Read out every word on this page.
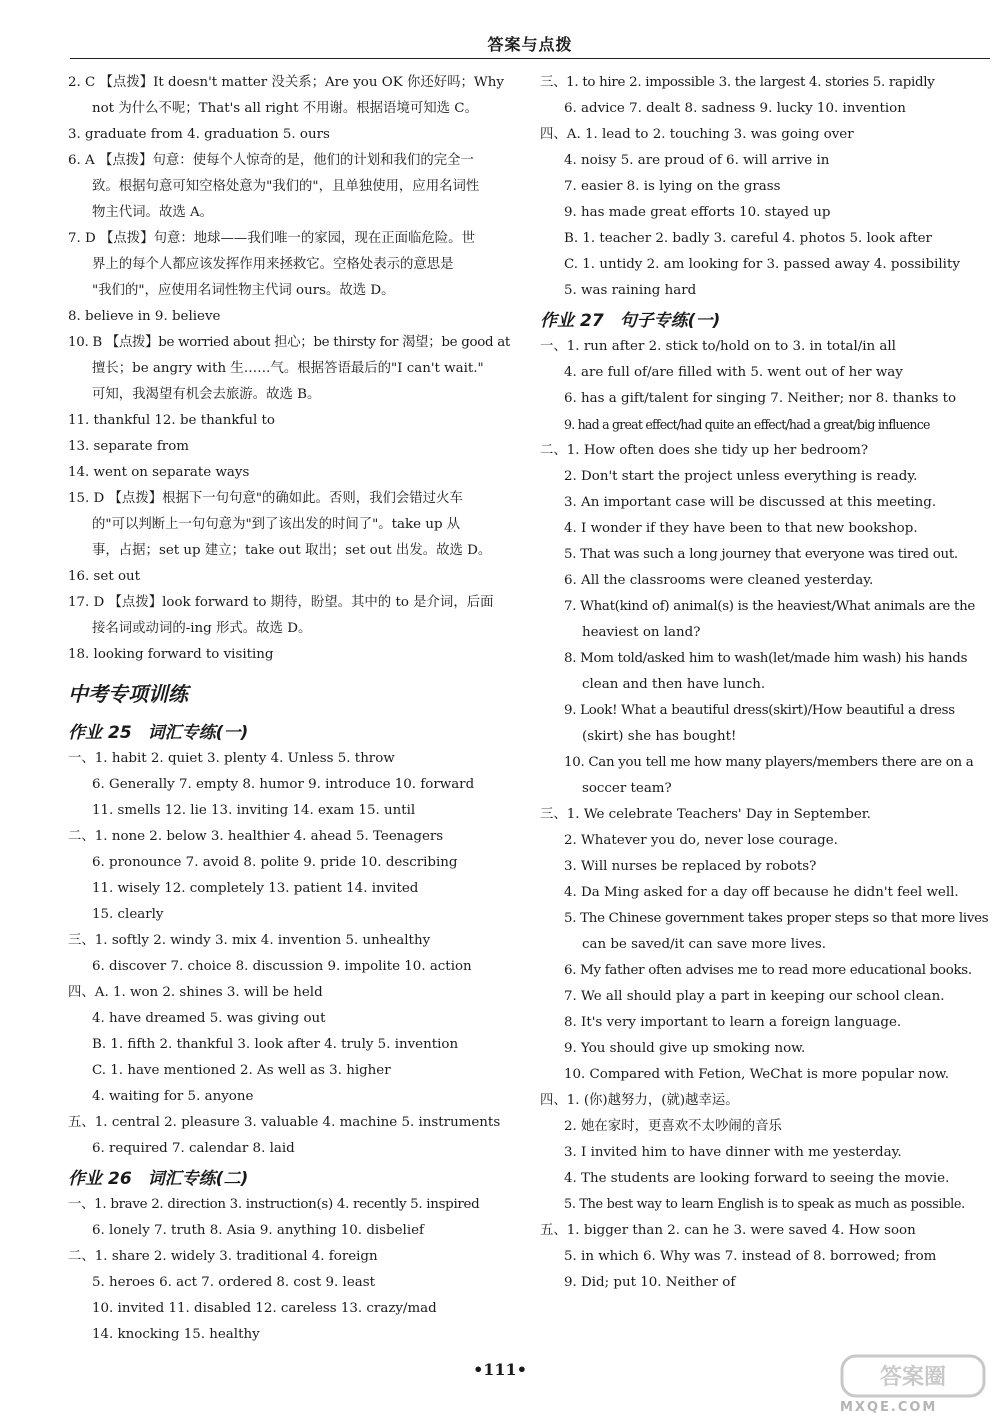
答案与点拨
2. C 【点拨】It doesn't matter 没关系；Are you OK 你还好吗；Why
not 为什么不呢；That's all right 不用谢。根据语境可知选 C。
3. graduate from 4. graduation 5. ours
6. A 【点拨】句意：使每个人惊奇的是，他们的计划和我们的完全一
致。根据句意可知空格处意为"我们的"，且单独使用，应用名词性
物主代词。故选 A。
7. D 【点拨】句意：地球——我们唯一的家园，现在正面临危险。世
界上的每个人都应该发挥作用来拯救它。空格处表示的意思是
"我们的"，应使用名词性物主代词 ours。故选 D。
8. believe in 9. believe
10. B 【点拨】be worried about 担心；be thirsty for 渴望；be good at
擅长；be angry with 生……气。根据答语最后的"I can't wait."
可知，我渴望有机会去旅游。故选 B。
11. thankful 12. be thankful to
13. separate from
14. went on separate ways
15. D 【点拨】根据下一句句意"的确如此。否则，我们会错过火车
的"可以判断上一句句意为"到了该出发的时间了"。take up 从
事，占据；set up 建立；take out 取出；set out 出发。故选 D。
16. set out
17. D 【点拨】look forward to 期待，盼望。其中的 to 是介词，后面
接名词或动词的-ing 形式。故选 D。
18. looking forward to visiting
中考专项训练
作业 25 词汇专练(一)
一、1. habit 2. quiet 3. plenty 4. Unless 5. throw
6. Generally 7. empty 8. humor 9. introduce 10. forward
11. smells 12. lie 13. inviting 14. exam 15. until
二、1. none 2. below 3. healthier 4. ahead 5. Teenagers
6. pronounce 7. avoid 8. polite 9. pride 10. describing
11. wisely 12. completely 13. patient 14. invited
15. clearly
三、1. softly 2. windy 3. mix 4. invention 5. unhealthy
6. discover 7. choice 8. discussion 9. impolite 10. action
四、A. 1. won 2. shines 3. will be held
4. have dreamed 5. was giving out
B. 1. fifth 2. thankful 3. look after 4. truly 5. invention
C. 1. have mentioned 2. As well as 3. higher
4. waiting for 5. anyone
五、1. central 2. pleasure 3. valuable 4. machine 5. instruments
6. required 7. calendar 8. laid
作业 26 词汇专练(二)
一、1. brave 2. direction 3. instruction(s) 4. recently 5. inspired
6. lonely 7. truth 8. Asia 9. anything 10. disbelief
二、1. share 2. widely 3. traditional 4. foreign
5. heroes 6. act 7. ordered 8. cost 9. least
10. invited 11. disabled 12. careless 13. crazy/mad
14. knocking 15. healthy
三、1. to hire 2. impossible 3. the largest 4. stories 5. rapidly
6. advice 7. dealt 8. sadness 9. lucky 10. invention
四、A. 1. lead to 2. touching 3. was going over
4. noisy 5. are proud of 6. will arrive in
7. easier 8. is lying on the grass
9. has made great efforts 10. stayed up
B. 1. teacher 2. badly 3. careful 4. photos 5. look after
C. 1. untidy 2. am looking for 3. passed away 4. possibility
5. was raining hard
作业 27 句子专练(一)
一、1. run after 2. stick to/hold on to 3. in total/in all
4. are full of/are filled with 5. went out of her way
6. has a gift/talent for singing 7. Neither; nor 8. thanks to
9. had a great effect/had quite an effect/had a great/big influence
二、1. How often does she tidy up her bedroom?
2. Don't start the project unless everything is ready.
3. An important case will be discussed at this meeting.
4. I wonder if they have been to that new bookshop.
5. That was such a long journey that everyone was tired out.
6. All the classrooms were cleaned yesterday.
7. What(kind of) animal(s) is the heaviest/What animals are the
heaviest on land?
8. Mom told/asked him to wash(let/made him wash) his hands
clean and then have lunch.
9. Look! What a beautiful dress(skirt)/How beautiful a dress
(skirt) she has bought!
10. Can you tell me how many players/members there are on a
soccer team?
三、1. We celebrate Teachers' Day in September.
2. Whatever you do, never lose courage.
3. Will nurses be replaced by robots?
4. Da Ming asked for a day off because he didn't feel well.
5. The Chinese government takes proper steps so that more lives
can be saved/it can save more lives.
6. My father often advises me to read more educational books.
7. We all should play a part in keeping our school clean.
8. It's very important to learn a foreign language.
9. You should give up smoking now.
10. Compared with Fetion, WeChat is more popular now.
四、1. (你)越努力，(就)越幸运。
2. 她在家时，更喜欢不太吵闹的音乐
3. I invited him to have dinner with me yesterday.
4. The students are looking forward to seeing the movie.
5. The best way to learn English is to speak as much as possible.
五、1. bigger than 2. can he 3. were saved 4. How soon
5. in which 6. Why was 7. instead of 8. borrowed; from
9. Did; put 10. Neither of
•111•	答案圈
MXQE.COM
